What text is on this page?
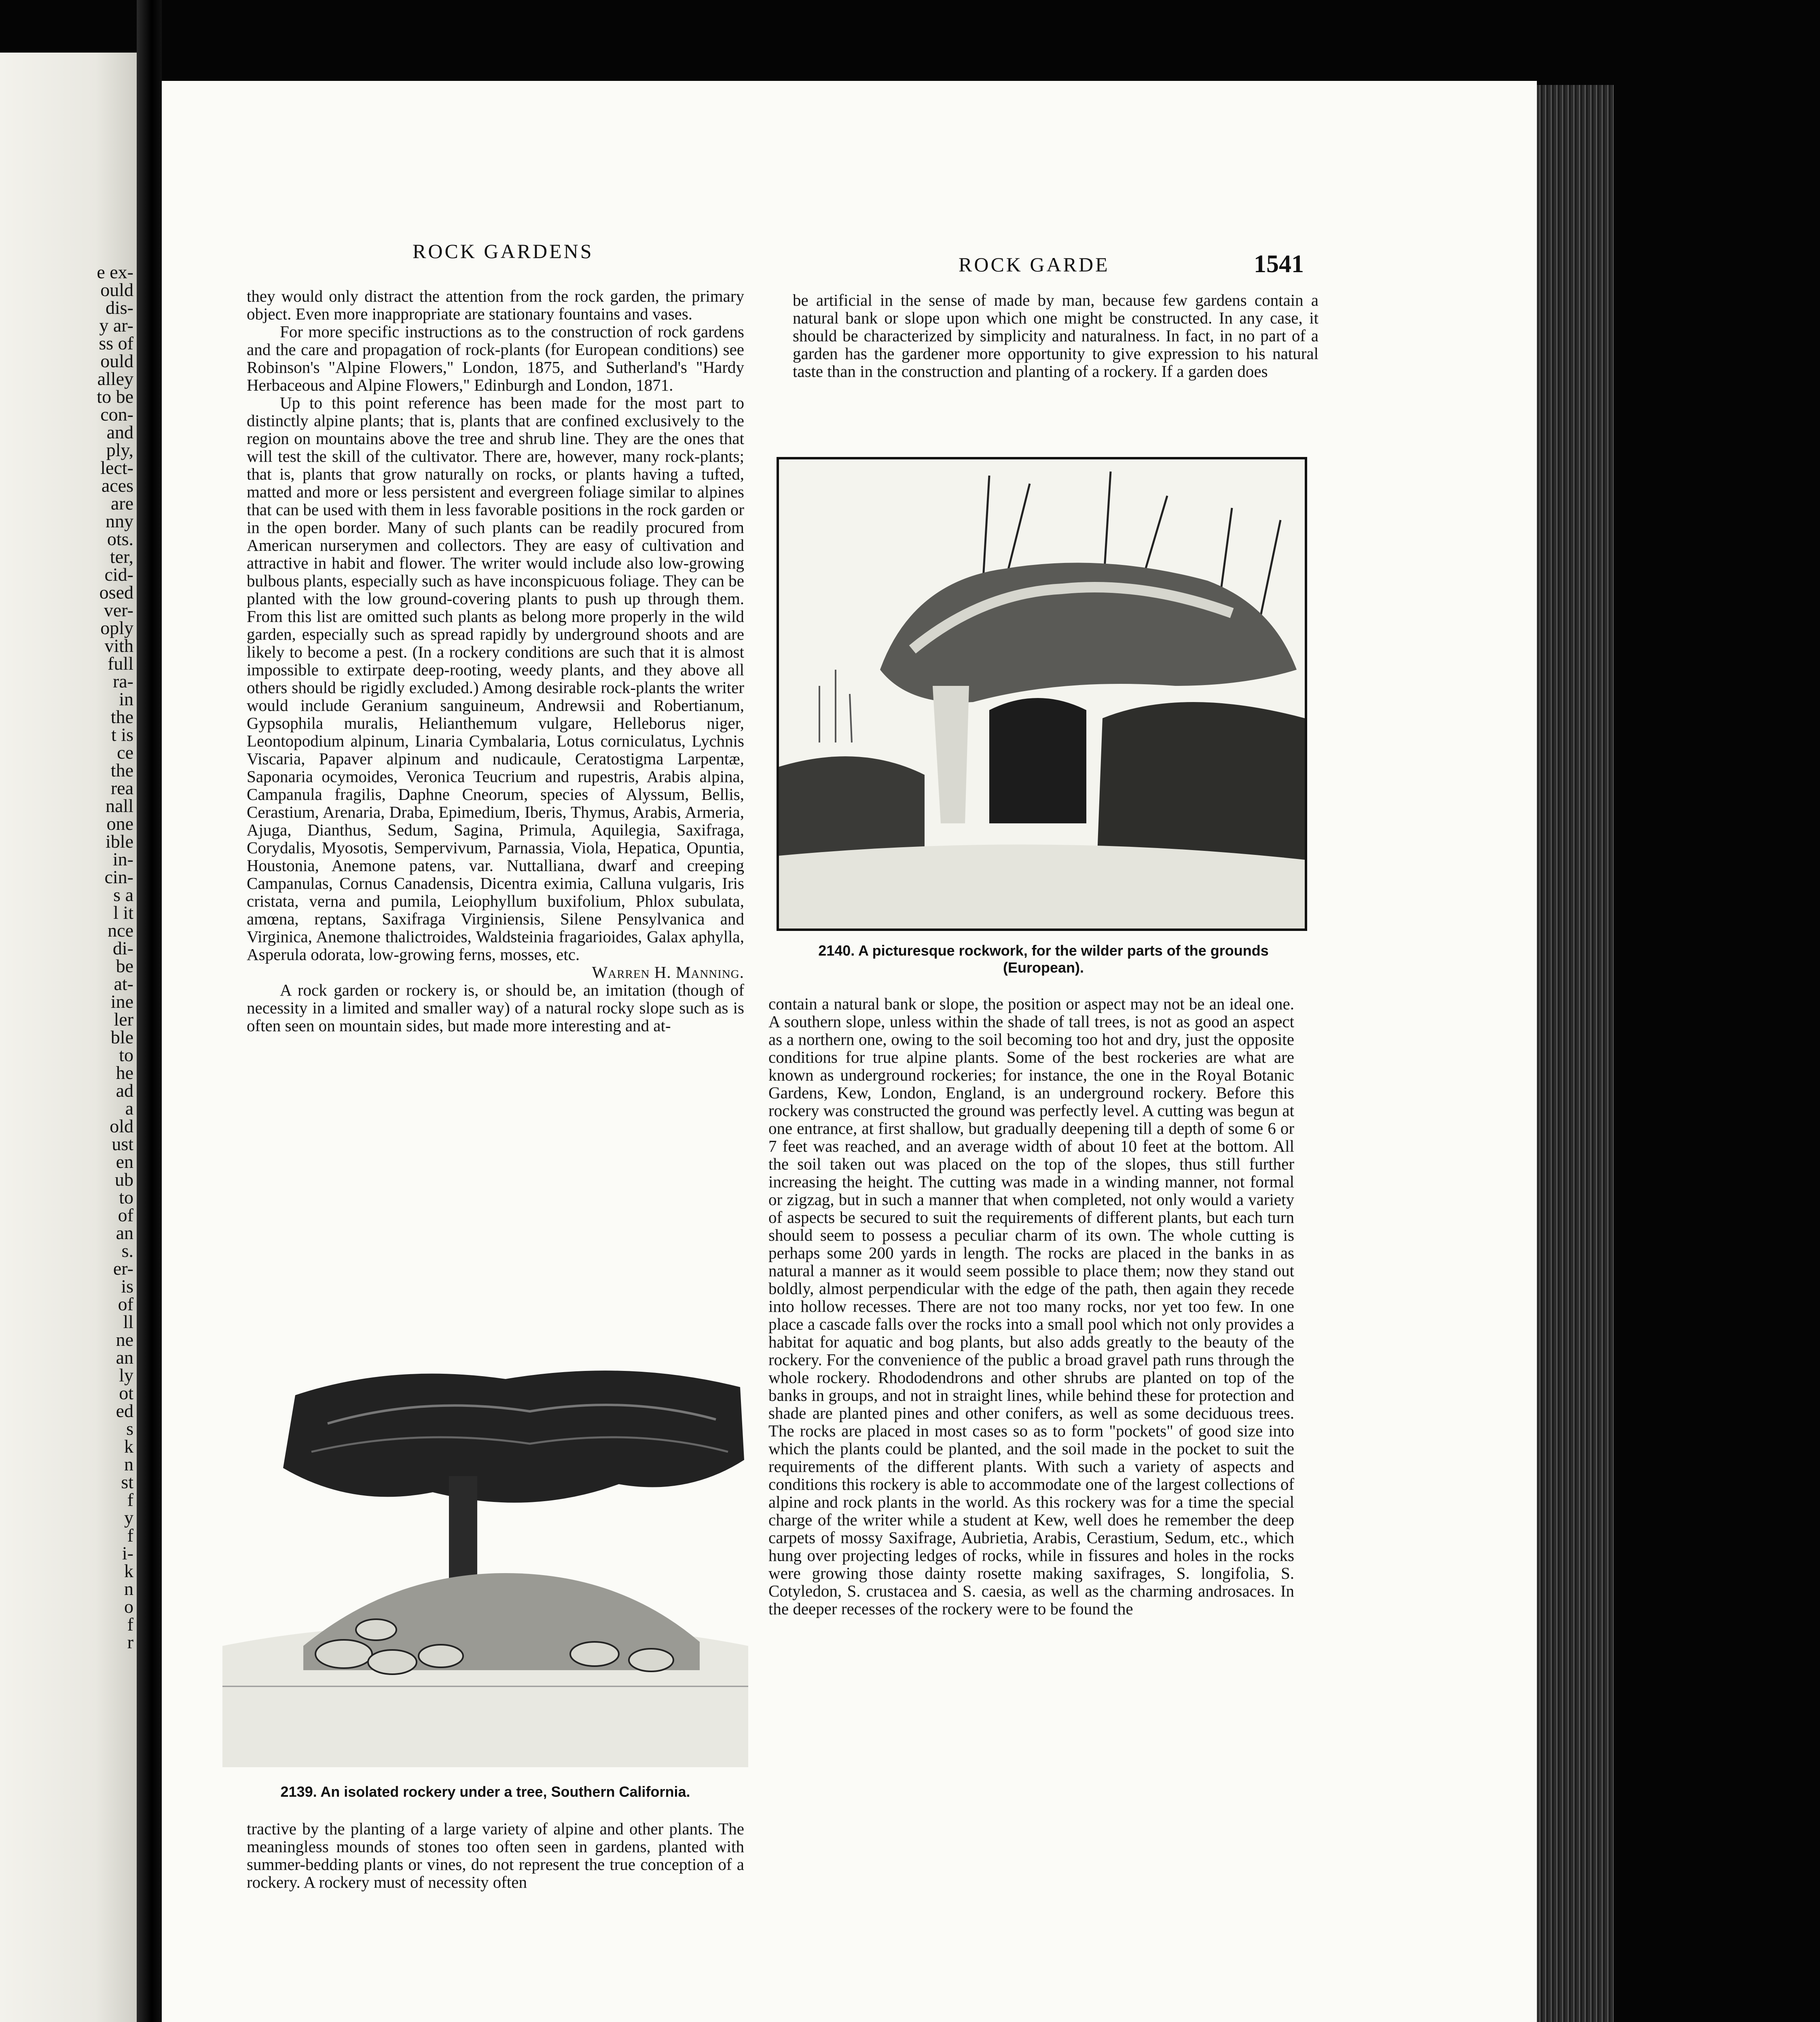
e ex-
ould
dis-
y ar-
ss of
ould
alley
to be
con-
and
ply,
lect-
aces
are
nny
ots.
ter,
cid-
osed
ver-
oply
vith
full
ra-
in
the
t is
ce
the
rea
nall
one
ible
in-
cin-
s a
l it
nce
di-
be
at-
ine
ler
ble
to
he
ad
a
old
ust
en
ub
to
of
an
s.
er-
is
of
ll
ne
an
ly
ot
ed
s
k
n
st
f
y
f
i-
k
n
o
f
r
ROCK GARDENS
ROCK GARDE	1541

they would only distract the attention from the rock garden, the primary object. Even more inappropriate are stationary fountains and vases.

For more specific instructions as to the construction of rock gardens and the care and propagation of rock-plants (for European conditions) see Robinson's "Alpine Flowers," London, 1875, and Sutherland's "Hardy Herbaceous and Alpine Flowers," Edinburgh and London, 1871.

Up to this point reference has been made for the most part to distinctly alpine plants; that is, plants that are confined exclusively to the region on mountains above the tree and shrub line. They are the ones that will test the skill of the cultivator. There are, however, many rock-plants; that is, plants that grow naturally on rocks, or plants having a tufted, matted and more or less persistent and evergreen foliage similar to alpines that can be used with them in less favorable positions in the rock garden or in the open border. Many of such plants can be readily procured from American nurserymen and collectors. They are easy of cultivation and attractive in habit and flower. The writer would include also low-growing bulbous plants, especially such as have inconspicuous foliage. They can be planted with the low ground-covering plants to push up through them. From this list are omitted such plants as belong more properly in the wild garden, especially such as spread rapidly by underground shoots and are likely to become a pest. (In a rockery conditions are such that it is almost impossible to extirpate deep-rooting, weedy plants, and they above all others should be rigidly excluded.) Among desirable rock-plants the writer would include Geranium sanguineum, Andrewsii and Robertianum, Gypsophila muralis, Helianthemum vulgare, Helleborus niger, Leontopodium alpinum, Linaria Cymbalaria, Lotus corniculatus, Lychnis Viscaria, Papaver alpinum and nudicaule, Ceratostigma Larpentæ, Saponaria ocymoides, Veronica Teucrium and rupestris, Arabis alpina, Campanula fragilis, Daphne Cneorum, species of Alyssum, Bellis, Cerastium, Arenaria, Draba, Epimedium, Iberis, Thymus, Arabis, Armeria, Ajuga, Dianthus, Sedum, Sagina, Primula, Aquilegia, Saxifraga, Corydalis, Myosotis, Sempervivum, Parnassia, Viola, Hepatica, Opuntia, Houstonia, Anemone patens, var. Nuttalliana, dwarf and creeping Campanulas, Cornus Canadensis, Dicentra eximia, Calluna vulgaris, Iris cristata, verna and pumila, Leiophyllum buxifolium, Phlox subulata, amœna, reptans, Saxifraga Virginiensis, Silene Pensylvanica and Virginica, Anemone thalictroides, Waldsteinia fragarioides, Galax aphylla, Asperula odorata, low-growing ferns, mosses, etc.

Warren H. Manning.

A rock garden or rockery is, or should be, an imitation (though of necessity in a limited and smaller way) of a natural rocky slope such as is often seen on mountain sides, but made more interesting and at-

2139. An isolated rockery under a tree, Southern California.

tractive by the planting of a large variety of alpine and other plants. The meaningless mounds of stones too often seen in gardens, planted with summer-bedding plants or vines, do not represent the true conception of a rockery. A rockery must of necessity often

be artificial in the sense of made by man, because few gardens contain a natural bank or slope upon which one might be constructed. In any case, it should be characterized by simplicity and naturalness. In fact, in no part of a garden has the gardener more opportunity to give expression to his natural taste than in the construction and planting of a rockery. If a garden does

2140. A picturesque rockwork, for the wilder parts of the grounds (European).

contain a natural bank or slope, the position or aspect may not be an ideal one. A southern slope, unless within the shade of tall trees, is not as good an aspect as a northern one, owing to the soil becoming too hot and dry, just the opposite conditions for true alpine plants. Some of the best rockeries are what are known as underground rockeries; for instance, the one in the Royal Botanic Gardens, Kew, London, England, is an underground rockery. Before this rockery was constructed the ground was perfectly level. A cutting was begun at one entrance, at first shallow, but gradually deepening till a depth of some 6 or 7 feet was reached, and an average width of about 10 feet at the bottom. All the soil taken out was placed on the top of the slopes, thus still further increasing the height. The cutting was made in a winding manner, not formal or zigzag, but in such a manner that when completed, not only would a variety of aspects be secured to suit the requirements of different plants, but each turn should seem to possess a peculiar charm of its own. The whole cutting is perhaps some 200 yards in length. The rocks are placed in the banks in as natural a manner as it would seem possible to place them; now they stand out boldly, almost perpendicular with the edge of the path, then again they recede into hollow recesses. There are not too many rocks, nor yet too few. In one place a cascade falls over the rocks into a small pool which not only provides a habitat for aquatic and bog plants, but also adds greatly to the beauty of the rockery. For the convenience of the public a broad gravel path runs through the whole rockery. Rhododendrons and other shrubs are planted on top of the banks in groups, and not in straight lines, while behind these for protection and shade are planted pines and other conifers, as well as some deciduous trees. The rocks are placed in most cases so as to form "pockets" of good size into which the plants could be planted, and the soil made in the pocket to suit the requirements of the different plants. With such a variety of aspects and conditions this rockery is able to accommodate one of the largest collections of alpine and rock plants in the world. As this rockery was for a time the special charge of the writer while a student at Kew, well does he remember the deep carpets of mossy Saxifrage, Aubrietia, Arabis, Cerastium, Sedum, etc., which hung over projecting ledges of rocks, while in fissures and holes in the rocks were growing those dainty rosette making saxifrages, S. longifolia, S. Cotyledon, S. crustacea and S. caesia, as well as the charming androsaces. In the deeper recesses of the rockery were to be found the
